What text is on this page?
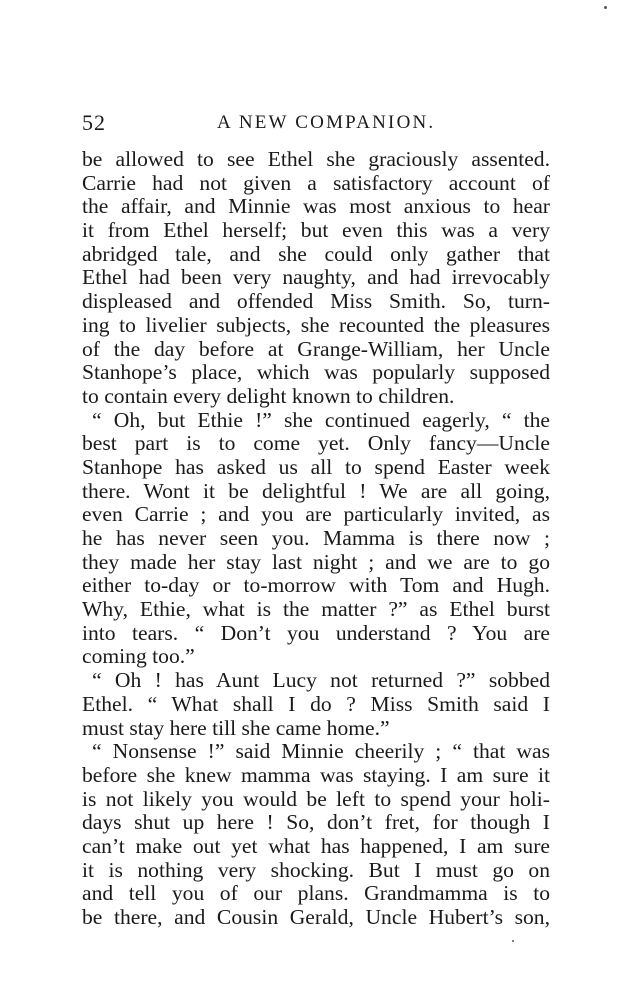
52	A NEW COMPANION.
be allowed to see Ethel she graciously assented.
Carrie had not given a satisfactory account of
the affair, and Minnie was most anxious to hear
it from Ethel herself; but even this was a very
abridged tale, and she could only gather that
Ethel had been very naughty, and had irrevocably
displeased and offended Miss Smith. So, turn-
ing to livelier subjects, she recounted the pleasures
of the day before at Grange-William, her Uncle
Stanhope’s place, which was popularly supposed
to contain every delight known to children.
“ Oh, but Ethie !” she continued eagerly, “ the
best part is to come yet. Only fancy—Uncle
Stanhope has asked us all to spend Easter week
there. Wont it be delightful ! We are all going,
even Carrie ; and you are particularly invited, as
he has never seen you. Mamma is there now ;
they made her stay last night ; and we are to go
either to-day or to-morrow with Tom and Hugh.
Why, Ethie, what is the matter ?” as Ethel burst
into tears. “ Don’t you understand ? You are
coming too.”
“ Oh ! has Aunt Lucy not returned ?” sobbed
Ethel. “ What shall I do ? Miss Smith said I
must stay here till she came home.”
“ Nonsense !” said Minnie cheerily ; “ that was
before she knew mamma was staying. I am sure it
is not likely you would be left to spend your holi-
days shut up here ! So, don’t fret, for though I
can’t make out yet what has happened, I am sure
it is nothing very shocking. But I must go on
and tell you of our plans. Grandmamma is to
be there, and Cousin Gerald, Uncle Hubert’s son,
